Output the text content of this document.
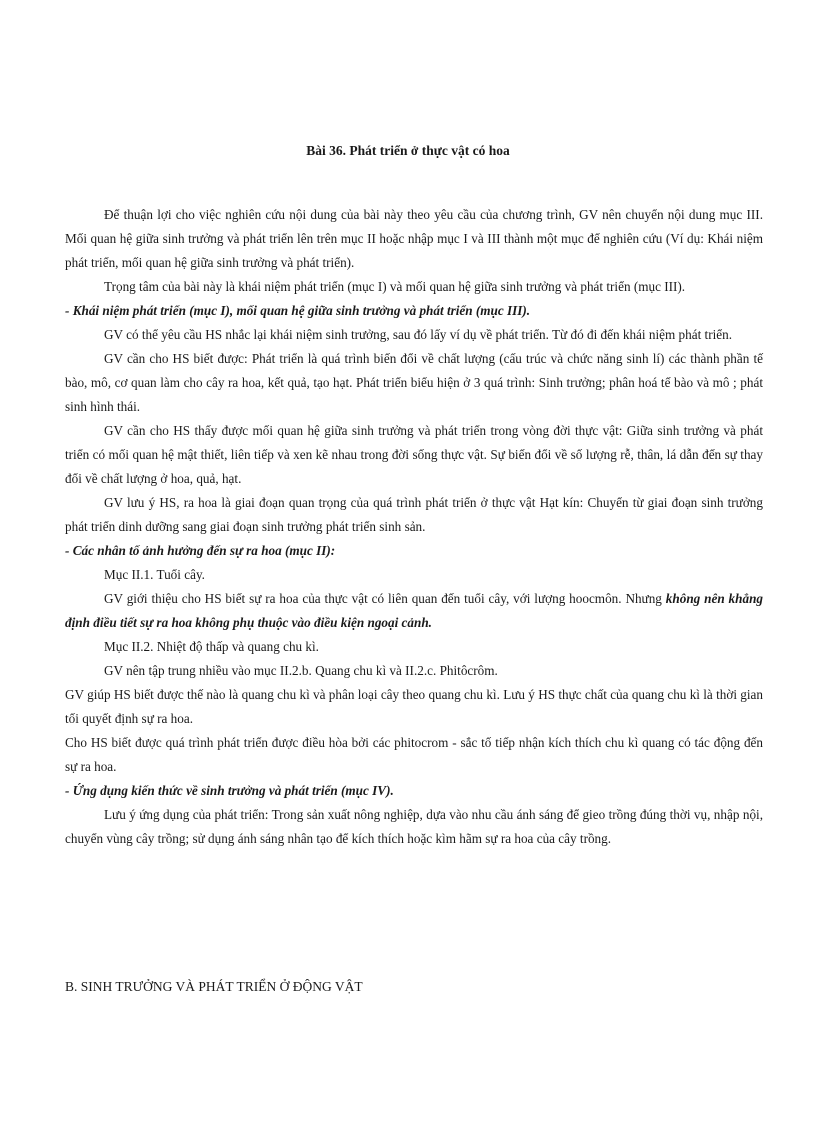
Bài 36. Phát triển ở thực vật có hoa

Để thuận lợi cho việc nghiên cứu nội dung của bài này theo yêu cầu của chương trình, GV nên chuyển nội dung mục III. Mối quan hệ giữa sinh trưởng và phát triển lên trên mục II hoặc nhập mục I và III thành một mục để nghiên cứu (Ví dụ: Khái niệm phát triển, mối quan hệ giữa sinh trưởng và phát triển).

Trọng tâm của bài này là khái niệm phát triển (mục I) và mối quan hệ giữa sinh trưởng và phát triển (mục III).

- Khái niệm phát triển (mục I), mối quan hệ giữa sinh trưởng và phát triển (mục III).

GV có thể yêu cầu HS nhắc lại khái niệm sinh trưởng, sau đó lấy ví dụ về phát triển. Từ đó đi đến khái niệm phát triển.

GV cần cho HS biết được: Phát triển là quá trình biến đổi về chất lượng (cấu trúc và chức năng sinh lí) các thành phần tế bào, mô, cơ quan làm cho cây ra hoa, kết quả, tạo hạt. Phát triển biểu hiện ở 3 quá trình: Sinh trưởng; phân hoá tế bào và mô ; phát sinh hình thái.

GV cần cho HS thấy được mối quan hệ giữa sinh trưởng và phát triển trong vòng đời thực vật: Giữa sinh trưởng và phát triển có mối quan hệ mật thiết, liên tiếp và xen kẽ nhau trong đời sống thực vật. Sự biến đổi về số lượng rễ, thân, lá dẫn đến sự thay đổi về chất lượng ở hoa, quả, hạt.

GV lưu ý HS, ra hoa là giai đoạn quan trọng của quá trình phát triển ở thực vật Hạt kín: Chuyển từ giai đoạn sinh trưởng phát triển dinh dưỡng sang giai đoạn sinh trưởng phát triển sinh sản.

- Các nhân tố ảnh hưởng đến sự ra hoa (mục II):

Mục II.1. Tuổi cây.

GV giới thiệu cho HS biết sự ra hoa của thực vật có liên quan đến tuổi cây, với lượng hoocmôn. Nhưng không nên khẳng định điều tiết sự ra hoa không phụ thuộc vào điều kiện ngoại cảnh.

Mục II.2. Nhiệt độ thấp và quang chu kì.

GV nên tập trung nhiều vào mục II.2.b. Quang chu kì và II.2.c. Phitôcrôm.

GV giúp HS biết được thế nào là quang chu kì và phân loại cây theo quang chu kì. Lưu ý HS thực chất của quang chu kì là thời gian tối quyết định sự ra hoa.

Cho HS biết được quá trình phát triển được điều hòa bởi các phitocrom - sắc tố tiếp nhận kích thích chu kì quang có tác động đến sự ra hoa.

- Ứng dụng kiến thức về sinh trưởng và phát triển (mục IV).

Lưu ý ứng dụng của phát triển: Trong sản xuất nông nghiệp, dựa vào nhu cầu ánh sáng để gieo trồng đúng thời vụ, nhập nội, chuyển vùng cây trồng; sử dụng ánh sáng nhân tạo để kích thích hoặc kìm hãm sự ra hoa của cây trồng.

B. SINH TRƯỞNG VÀ PHÁT TRIỂN Ở ĐỘNG VẬT
